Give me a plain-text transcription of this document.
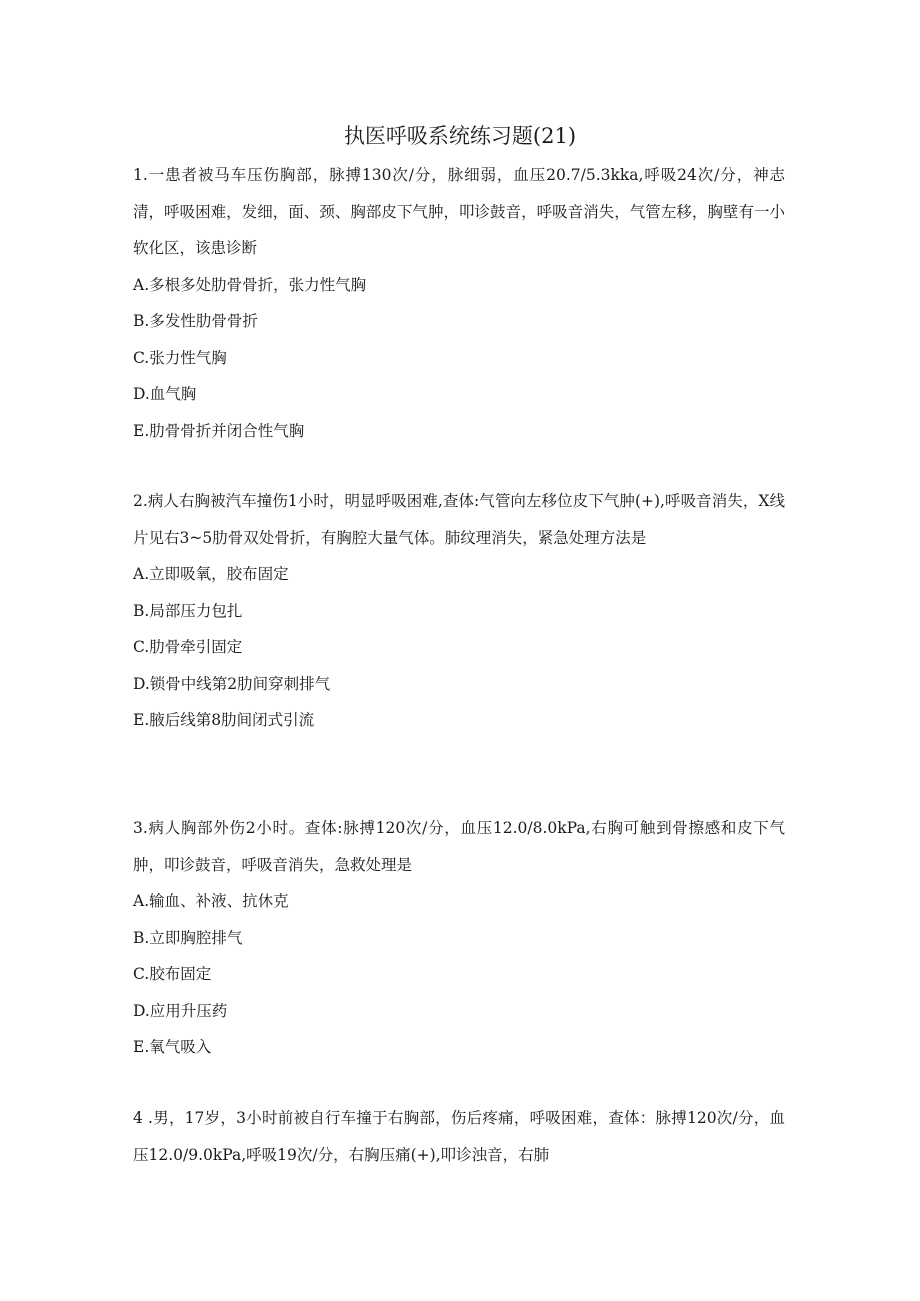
执医呼吸系统练习题(21)

1.一患者被马车压伤胸部，脉搏130次/分，脉细弱，血压20.7/5.3kka,呼吸24次/分，神志清，呼吸困难，发细，面、颈、胸部皮下气肿，叩诊鼓音，呼吸音消失，气管左移，胸壁有一小软化区，该患诊断

A.多根多处肋骨骨折，张力性气胸

B.多发性肋骨骨折

C.张力性气胸

D.血气胸

E.肋骨骨折并闭合性气胸

2.病人右胸被汽车撞伤1小时，明显呼吸困难,查体:气管向左移位皮下气肿(+),呼吸音消失，X线片见右3~5肋骨双处骨折，有胸腔大量气体。肺纹理消失，紧急处理方法是

A.立即吸氧，胶布固定

B.局部压力包扎

C.肋骨牵引固定

D.锁骨中线第2肋间穿刺排气

E.腋后线第8肋间闭式引流

3.病人胸部外伤2小时。查体:脉搏120次/分，血压12.0/8.0kPa,右胸可触到骨擦感和皮下气肿，叩诊鼓音，呼吸音消失，急救处理是

A.输血、补液、抗休克

B.立即胸腔排气

C.胶布固定

D.应用升压药

E.氧气吸入

4 .男，17岁，3小时前被自行车撞于右胸部，伤后疼痛，呼吸困难，查体：脉搏120次/分，血压12.0/9.0kPa,呼吸19次/分，右胸压痛(+),叩诊浊音，右肺
